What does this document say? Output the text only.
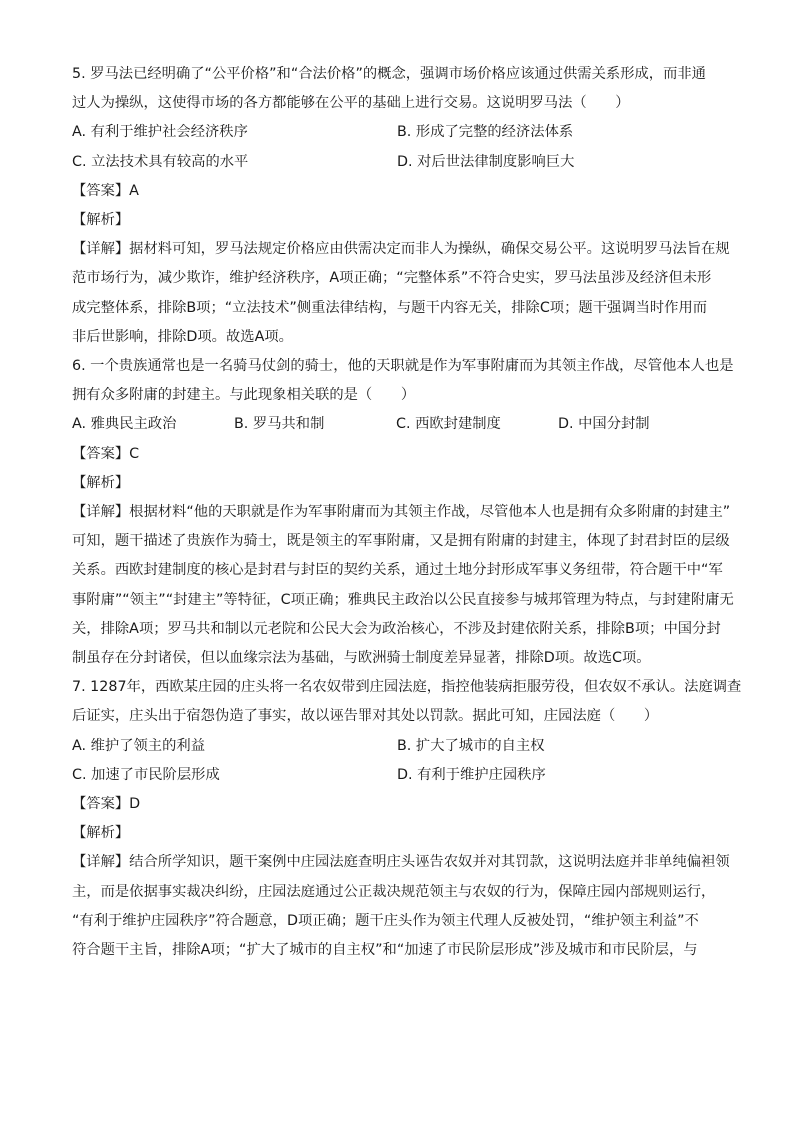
5. 罗马法已经明确了“公平价格”和“合法价格”的概念，强调市场价格应该通过供需关系形成，而非通
过人为操纵，这使得市场的各方都能够在公平的基础上进行交易。这说明罗马法（　　）
A. 有利于维护社会经济秩序	B. 形成了完整的经济法体系
C. 立法技术具有较高的水平	D. 对后世法律制度影响巨大
【答案】A
【解析】
【详解】据材料可知，罗马法规定价格应由供需决定而非人为操纵，确保交易公平。这说明罗马法旨在规
范市场行为，减少欺诈，维护经济秩序，A项正确；“完整体系”不符合史实，罗马法虽涉及经济但未形
成完整体系，排除B项；“立法技术”侧重法律结构，与题干内容无关，排除C项；题干强调当时作用而
非后世影响，排除D项。故选A项。
6. 一个贵族通常也是一名骑马仗剑的骑士，他的天职就是作为军事附庸而为其领主作战，尽管他本人也是
拥有众多附庸的封建主。与此现象相关联的是（　　）
A. 雅典民主政治	B. 罗马共和制	C. 西欧封建制度	D. 中国分封制
【答案】C
【解析】
【详解】根据材料“他的天职就是作为军事附庸而为其领主作战，尽管他本人也是拥有众多附庸的封建主”
可知，题干描述了贵族作为骑士，既是领主的军事附庸，又是拥有附庸的封建主，体现了封君封臣的层级
关系。西欧封建制度的核心是封君与封臣的契约关系，通过土地分封形成军事义务纽带，符合题干中“军
事附庸”“领主”“封建主”等特征，C项正确；雅典民主政治以公民直接参与城邦管理为特点，与封建附庸无
关，排除A项；罗马共和制以元老院和公民大会为政治核心，不涉及封建依附关系，排除B项；中国分封
制虽存在分封诸侯，但以血缘宗法为基础，与欧洲骑士制度差异显著，排除D项。故选C项。
7. 1287年，西欧某庄园的庄头将一名农奴带到庄园法庭，指控他装病拒服劳役，但农奴不承认。法庭调查
后证实，庄头出于宿怨伪造了事实，故以诬告罪对其处以罚款。据此可知，庄园法庭（　　）
A. 维护了领主的利益	B. 扩大了城市的自主权
C. 加速了市民阶层形成	D. 有利于维护庄园秩序
【答案】D
【解析】
【详解】结合所学知识，题干案例中庄园法庭查明庄头诬告农奴并对其罚款，这说明法庭并非单纯偏袒领
主，而是依据事实裁决纠纷，庄园法庭通过公正裁决规范领主与农奴的行为，保障庄园内部规则运行，
“有利于维护庄园秩序”符合题意，D项正确；题干庄头作为领主代理人反被处罚，“维护领主利益”不
符合题干主旨，排除A项；“扩大了城市的自主权”和“加速了市民阶层形成”涉及城市和市民阶层，与
